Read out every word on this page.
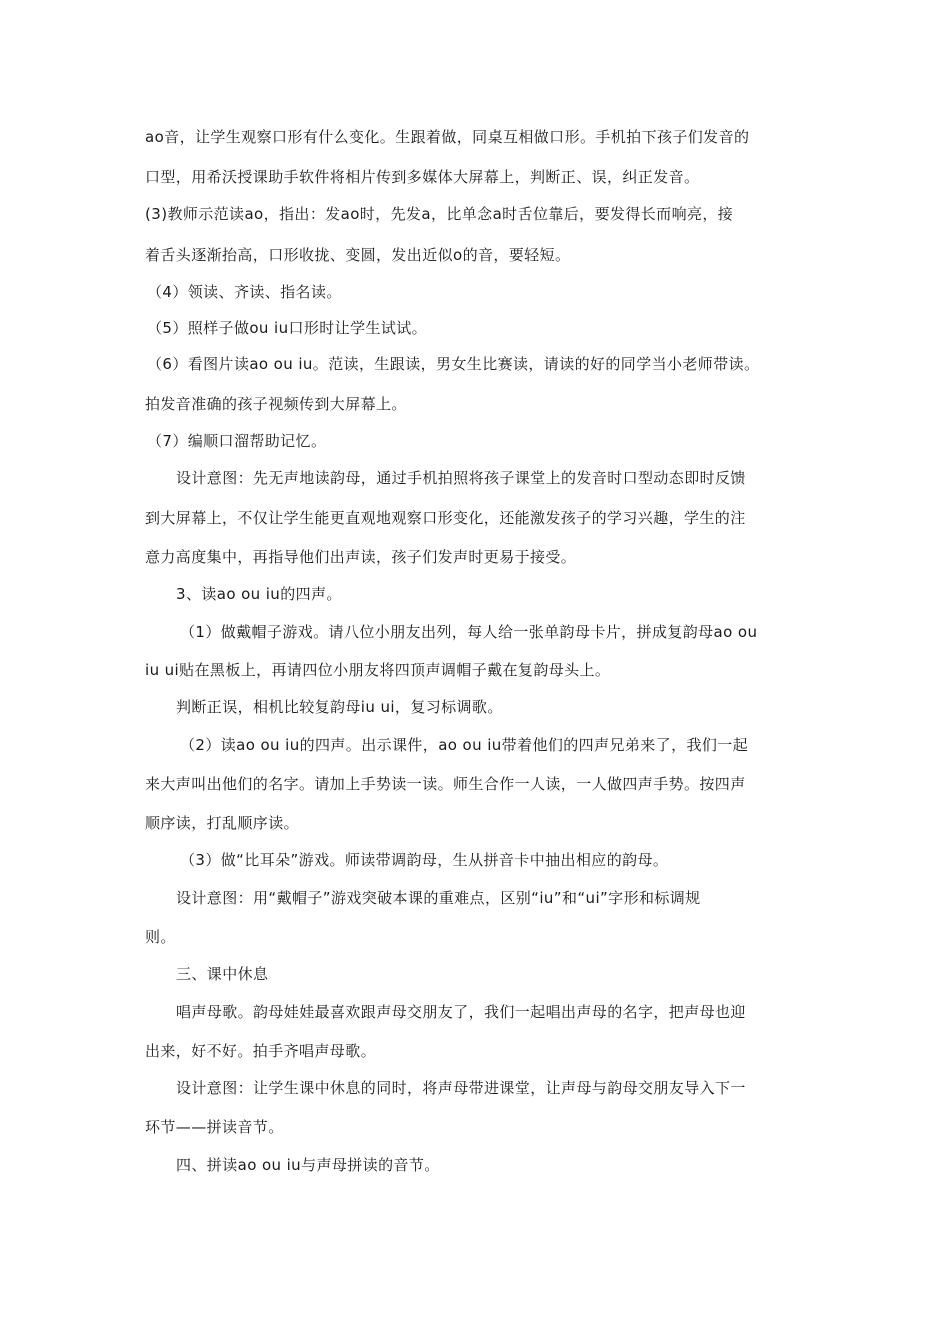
ao音，让学生观察口形有什么变化。生跟着做，同桌互相做口形。手机拍下孩子们发音的
口型，用希沃授课助手软件将相片传到多媒体大屏幕上，判断正、误，纠正发音。
(3)教师示范读ao，指出：发ao时，先发a，比单念a时舌位靠后，要发得长而响亮，接
着舌头逐渐抬高，口形收拢、变圆，发出近似o的音，要轻短。
（4）领读、齐读、指名读。
（5）照样子做ou iu口形时让学生试试。
（6）看图片读ao ou iu。范读，生跟读，男女生比赛读，请读的好的同学当小老师带读。
拍发音准确的孩子视频传到大屏幕上。
（7）编顺口溜帮助记忆。
设计意图：先无声地读韵母，通过手机拍照将孩子课堂上的发音时口型动态即时反馈
到大屏幕上，不仅让学生能更直观地观察口形变化，还能激发孩子的学习兴趣，学生的注
意力高度集中，再指导他们出声读，孩子们发声时更易于接受。
3、读ao ou iu的四声。
（1）做戴帽子游戏。请八位小朋友出列，每人给一张单韵母卡片，拼成复韵母ao ou
iu ui贴在黑板上，再请四位小朋友将四顶声调帽子戴在复韵母头上。
判断正误，相机比较复韵母iu ui，复习标调歌。
（2）读ao ou iu的四声。出示课件，ao ou iu带着他们的四声兄弟来了，我们一起
来大声叫出他们的名字。请加上手势读一读。师生合作一人读，一人做四声手势。按四声
顺序读，打乱顺序读。
（3）做“比耳朵”游戏。师读带调韵母，生从拼音卡中抽出相应的韵母。
设计意图：用“戴帽子”游戏突破本课的重难点，区别“iu”和“ui”字形和标调规
则。
三、课中休息
唱声母歌。韵母娃娃最喜欢跟声母交朋友了，我们一起唱出声母的名字，把声母也迎
出来，好不好。拍手齐唱声母歌。
设计意图：让学生课中休息的同时，将声母带进课堂，让声母与韵母交朋友导入下一
环节——拼读音节。
四、拼读ao ou iu与声母拼读的音节。
